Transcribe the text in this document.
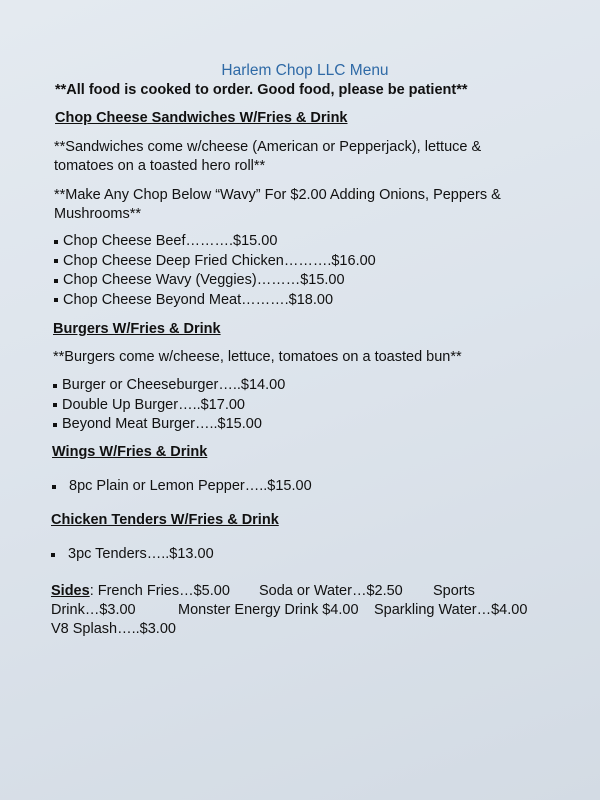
Harlem Chop LLC Menu
**All food is cooked to order. Good food, please be patient**
Chop Cheese Sandwiches W/Fries & Drink
**Sandwiches come w/cheese (American or Pepperjack), lettuce &
tomatoes on a toasted hero roll**
**Make Any Chop Below “Wavy” For $2.00 Adding Onions, Peppers &
Mushrooms**
Chop Cheese Beef……….$15.00
Chop Cheese Deep Fried Chicken……….$16.00
Chop Cheese Wavy (Veggies)………$15.00
Chop Cheese Beyond Meat……….$18.00
Burgers W/Fries & Drink
**Burgers come w/cheese, lettuce, tomatoes on a toasted bun**
Burger or Cheeseburger…..$14.00
Double Up Burger…..$17.00
Beyond Meat Burger…..$15.00
Wings W/Fries & Drink
8pc Plain or Lemon Pepper…..$15.00
Chicken Tenders W/Fries & Drink
3pc Tenders…..$13.00
Sides: French Fries…$5.00 Soda or Water…$2.50 Sports
Drink…$3.00	Monster Energy Drink $4.00 Sparkling Water…$4.00
V8 Splash…..$3.00
